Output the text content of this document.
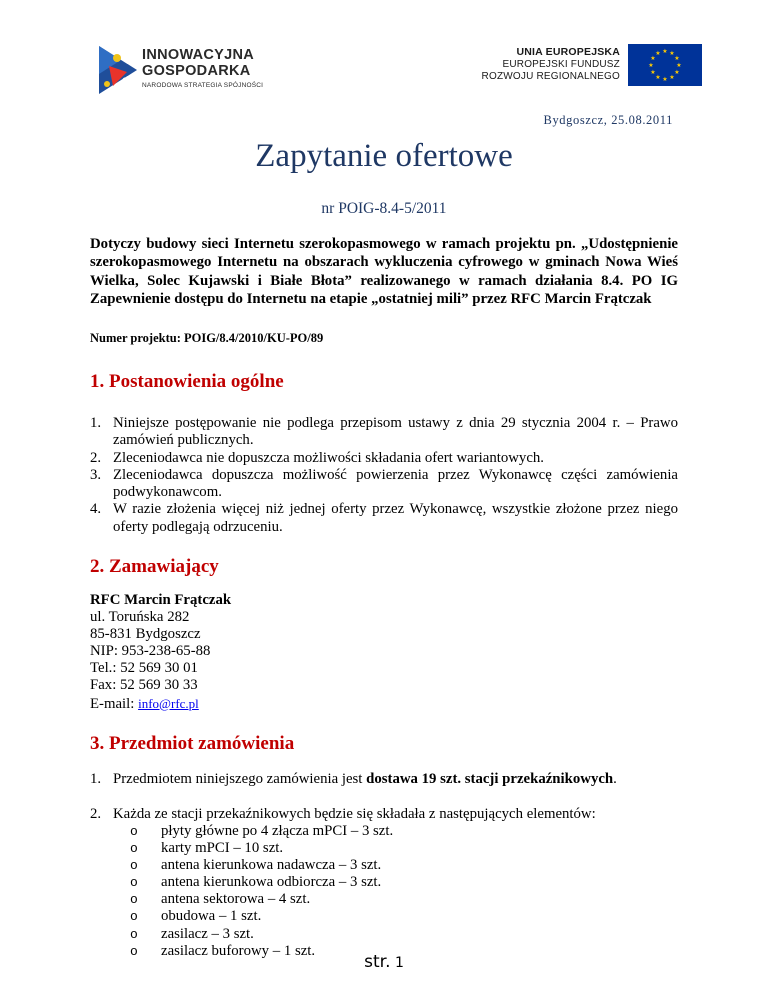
INNOWACYJNA
GOSPODARKA
NARODOWA STRATEGIA SPÓJNOŚCI
UNIA EUROPEJSKA
EUROPEJSKI FUNDUSZ
ROZWOJU REGIONALNEGO
★ ★
★
★
★
★
★
★
★
★
★
★
Bydgoszcz, 25.08.2011
Zapytanie ofertowe
nr POIG-8.4-5/2011

Dotyczy budowy sieci Internetu szerokopasmowego w ramach projektu pn. „Udostępnienie szerokopasmowego Internetu na obszarach wykluczenia cyfrowego w gminach Nowa Wieś Wielka, Solec Kujawski i Białe Błota” realizowanego w ramach działania 8.4. PO IG Zapewnienie dostępu do Internetu na etapie „ostatniej mili” przez RFC Marcin Frątczak

Numer projektu: POIG/8.4/2010/KU-PO/89
1. Postanowienia ogólne
1. Niniejsze postępowanie nie podlega przepisom ustawy z dnia 29 stycznia 2004 r. – Prawo zamówień publicznych.
2. Zleceniodawca nie dopuszcza możliwości składania ofert wariantowych.
3. Zleceniodawca dopuszcza możliwość powierzenia przez Wykonawcę części zamówienia podwykonawcom.
4. W razie złożenia więcej niż jednej oferty przez Wykonawcę, wszystkie złożone przez niego oferty podlegają odrzuceniu.
2. Zamawiający
RFC Marcin Frątczak
ul. Toruńska 282
85-831 Bydgoszcz
NIP: 953-238-65-88
Tel.: 52 569 30 01
Fax: 52 569 30 33
E-mail: info@rfc.pl
3. Przedmiot zamówienia
1. Przedmiotem niniejszego zamówienia jest dostawa 19 szt. stacji przekaźnikowych.
2. Każda ze stacji przekaźnikowych będzie się składała z następujących elementów:
o płyty główne po 4 złącza mPCI – 3 szt.
o karty mPCI – 10 szt.
o antena kierunkowa nadawcza – 3 szt.
o antena kierunkowa odbiorcza – 3 szt.
o antena sektorowa – 4 szt.
o obudowa – 1 szt.
o zasilacz – 3 szt.
o zasilacz buforowy – 1 szt.
str. 1
